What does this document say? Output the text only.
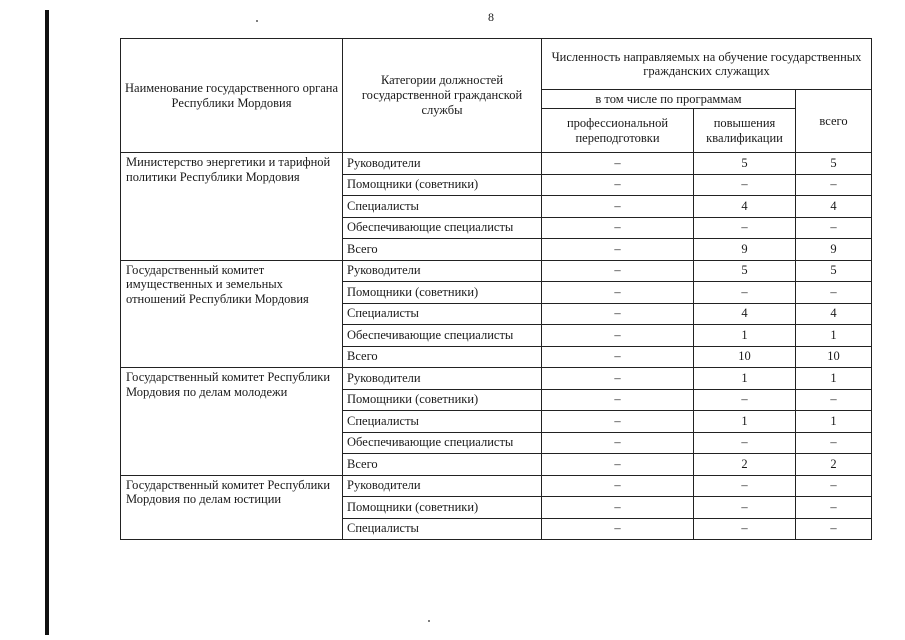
8
Наименование государственного органа Республики Мордовия	Категории должностей государственной гражданской службы	Численность направляемых на обучение государственных гражданских служащих		
		в том числе по программам		всего
		профессиональной переподготовки	повышения квалификации	
Министерство энергетики и тарифной политики Республики Мордовия	Руководители	–	5	5
	Помощники (советники)	–	–	–
	Специалисты	–	4	4
	Обеспечивающие специалисты	–	–	–
	Всего	–	9	9
Государственный комитет имущественных и земельных отношений Республики Мордовия	Руководители	–	5	5
	Помощники (советники)	–	–	–
	Специалисты	–	4	4
	Обеспечивающие специалисты	–	1	1
	Всего	–	10	10
Государственный комитет Республики Мордовия по делам молодежи	Руководители	–	1	1
	Помощники (советники)	–	–	–
	Специалисты	–	1	1
	Обеспечивающие специалисты	–	–	–
	Всего	–	2	2
Государственный комитет Республики Мордовия по делам юстиции	Руководители	–	–	–
	Помощники (советники)	–	–	–
	Специалисты	–	–	–
